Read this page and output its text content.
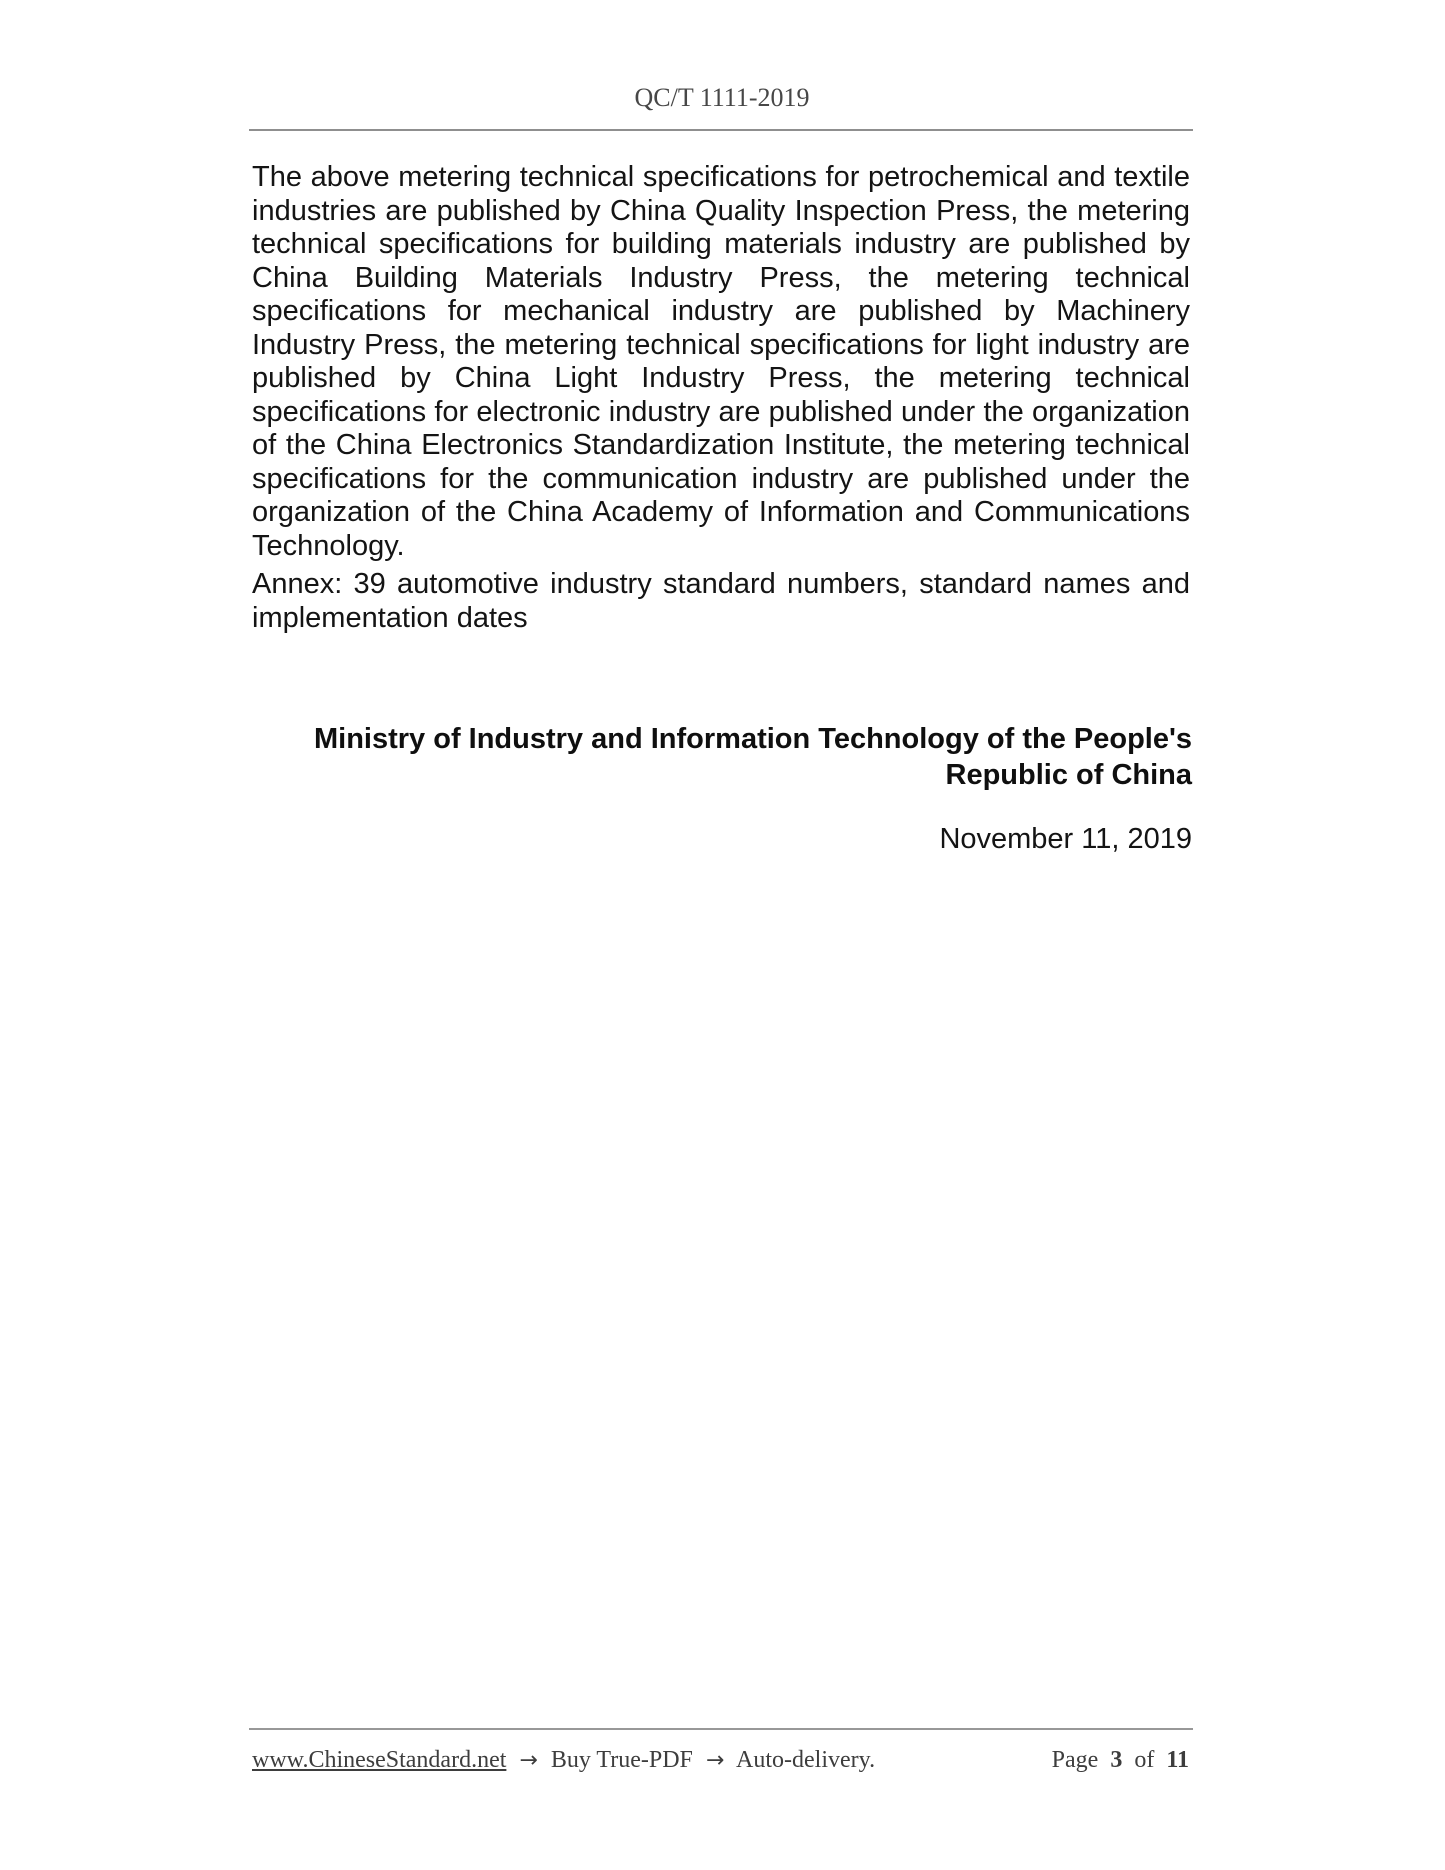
QC/T 1111-2019

The above metering technical specifications for petrochemical and textile industries are published by China Quality Inspection Press, the metering technical specifications for building materials industry are published by China Building Materials Industry Press, the metering technical specifications for mechanical industry are published by Machinery Industry Press, the metering technical specifications for light industry are published by China Light Industry Press, the metering technical specifications for electronic industry are published under the organization of the China Electronics Standardization Institute, the metering technical specifications for the communication industry are published under the organization of the China Academy of Information and Communications Technology.

Annex: 39 automotive industry standard numbers, standard names and implementation dates

Ministry of Industry and Information Technology of the People's
Republic of China
November 11, 2019
www.ChineseStandard.net → Buy True-PDF → Auto-delivery.	Page 3 of 11
